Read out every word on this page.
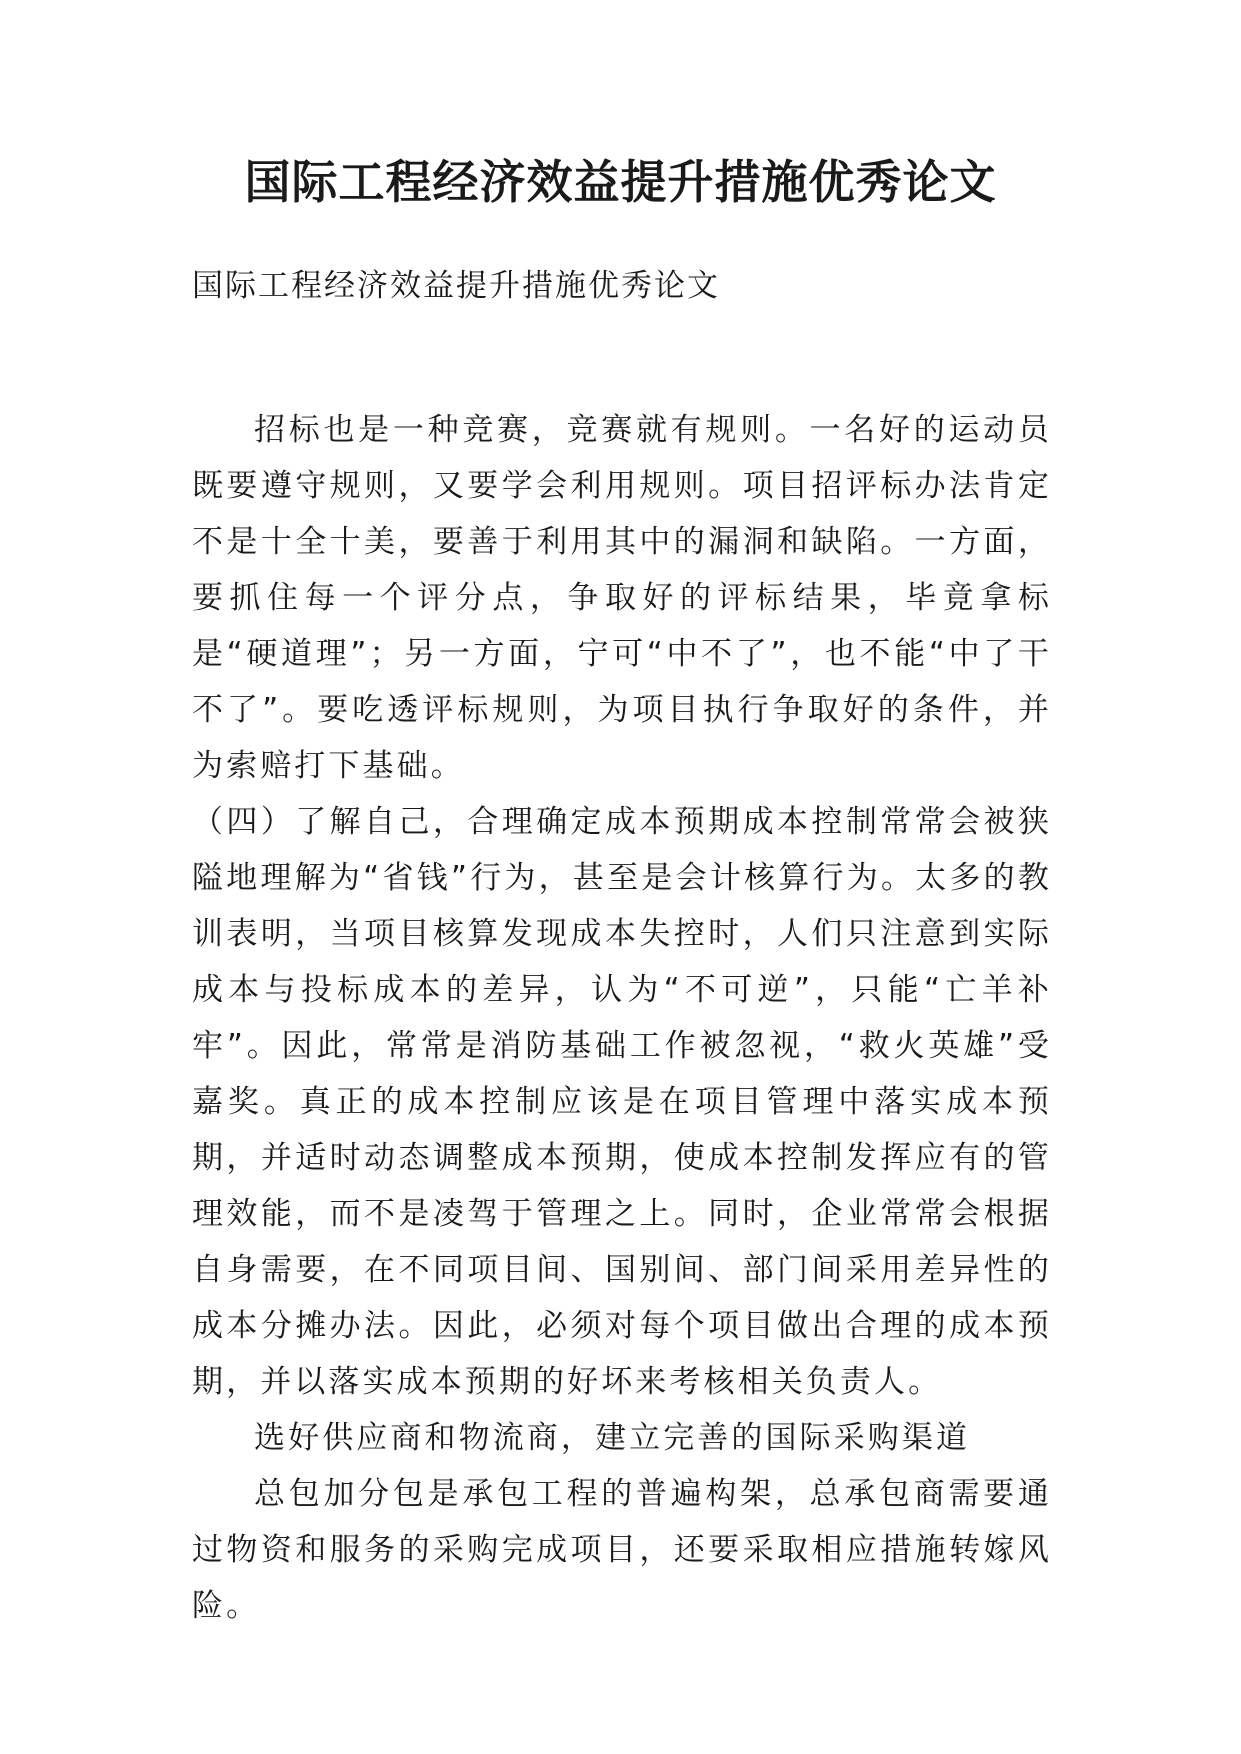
国际工程经济效益提升措施优秀论文

国际工程经济效益提升措施优秀论文

招标也是一种竞赛，竞赛就有规则。一名好的运动员既要遵守规则，又要学会利用规则。项目招评标办法肯定不是十全十美，要善于利用其中的漏洞和缺陷。一方面，要抓住每一个评分点，争取好的评标结果，毕竟拿标是“硬道理”；另一方面，宁可“中不了”，也不能“中了干不了”。要吃透评标规则，为项目执行争取好的条件，并为索赔打下基础。

（四）了解自己，合理确定成本预期成本控制常常会被狭隘地理解为“省钱”行为，甚至是会计核算行为。太多的教训表明，当项目核算发现成本失控时，人们只注意到实际成本与投标成本的差异，认为“不可逆”，只能“亡羊补牢”。因此，常常是消防基础工作被忽视，“救火英雄”受嘉奖。真正的成本控制应该是在项目管理中落实成本预期，并适时动态调整成本预期，使成本控制发挥应有的管理效能，而不是凌驾于管理之上。同时，企业常常会根据自身需要，在不同项目间、国别间、部门间采用差异性的成本分摊办法。因此，必须对每个项目做出合理的成本预期，并以落实成本预期的好坏来考核相关负责人。

选好供应商和物流商，建立完善的国际采购渠道

总包加分包是承包工程的普遍构架，总承包商需要通过物资和服务的采购完成项目，还要采取相应措施转嫁风险。
